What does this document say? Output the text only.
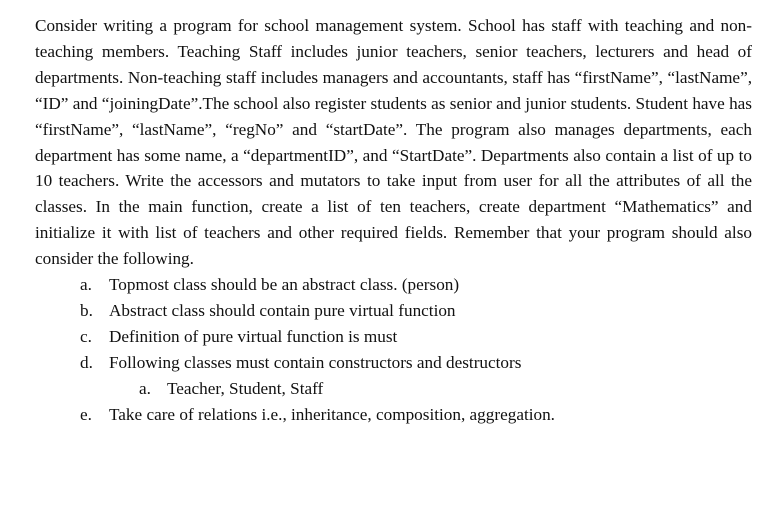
Consider writing a program for school management system. School has staff with teaching and non-teaching members. Teaching Staff includes junior teachers, senior teachers, lecturers and head of departments. Non-teaching staff includes managers and accountants, staff has “firstName”, “lastName”, “ID” and “joiningDate”.The school also register students as senior and junior students. Student have has “firstName”, “lastName”, “regNo” and “startDate”. The program also manages departments, each department has some name, a “departmentID”, and “StartDate”. Departments also contain a list of up to 10 teachers. Write the accessors and mutators to take input from user for all the attributes of all the classes. In the main function, create a list of ten teachers, create department “Mathematics” and initialize it with list of teachers and other required fields. Remember that your program should also consider the following.

a. Topmost class should be an abstract class. (person)
b. Abstract class should contain pure virtual function
c. Definition of pure virtual function is must
d. Following classes must contain constructors and destructors
a. Teacher, Student, Staff
e. Take care of relations i.e., inheritance, composition, aggregation.
